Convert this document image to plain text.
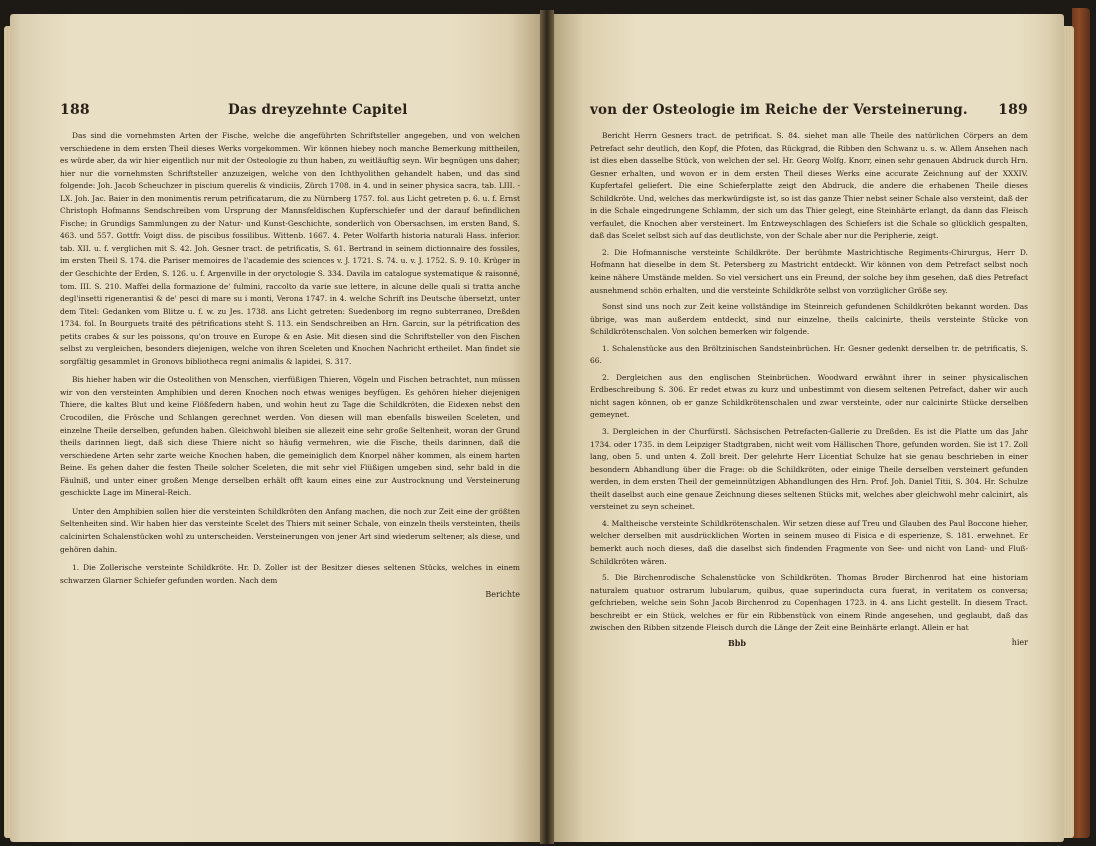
188	Das dreyzehnte Capitel

Das sind die vornehmsten Arten der Fische, welche die angeführten Schriftsteller angegeben, und von welchen verschiedene in dem ersten Theil dieses Werks vorgekommen. Wir können hiebey noch manche Bemerkung mittheilen, es würde aber, da wir hier eigentlich nur mit der Osteologie zu thun haben, zu weitläuftig seyn. Wir begnügen uns daher; hier nur die vornehmsten Schriftsteller anzuzeigen, welche von den Ichthyolithen gehandelt haben, und das sind folgende: Joh. Jacob Scheuchzer in piscium querelis & vindiciis, Zürch 1708. in 4. und in seiner physica sacra, tab. LIII. - LX. Joh. Jac. Baier in den monimentis rerum petrificatarum, die zu Nürnberg 1757. fol. aus Licht getreten p. 6. u. f. Ernst Christoph Hofmanns Sendschreiben vom Ursprung der Mannsfeldischen Kupferschiefer und der darauf befindlichen Fische; in Grundigs Sammlungen zu der Natur- und Kunst-Geschichte, sonderlich von Obersachsen, im ersten Band, S. 463. und 557. Gottfr. Voigt diss. de piscibus fossilibus. Wittenb. 1667. 4. Peter Wolfarth historia naturali Hass. inferior. tab. XII. u. f. verglichen mit S. 42. Joh. Gesner tract. de petrificatis, S. 61. Bertrand in seinem dictionnaire des fossiles, im ersten Theil S. 174. die Pariser memoires de l'academie des sciences v. J. 1721. S. 74. u. v. J. 1752. S. 9. 10. Krüger in der Geschichte der Erden, S. 126. u. f. Argenville in der oryctologie S. 334. Davila im catalogue systematique & raisonné, tom. III. S. 210. Maffei della formazione de' fulmini, raccolto da varie sue lettere, in alcune delle quali si tratta anche degl'insetti rigenerantisi & de' pesci di mare su i monti, Verona 1747. in 4. welche Schrift ins Deutsche übersetzt, unter dem Titel: Gedanken vom Blitze u. f. w. zu Jes. 1738. ans Licht getreten: Suedenborg im regno subterraneo, Dreßden 1734. fol. In Bourguets traité des pétrifications steht S. 113. ein Sendschreiben an Hrn. Garcin, sur la pétrification des petits crabes & sur les poissons, qu'on trouve en Europe & en Asie. Mit diesen sind die Schriftsteller von den Fischen selbst zu vergleichen, besonders diejenigen, welche von ihren Sceleten und Knochen Nachricht ertheilet. Man findet sie sorgfältig gesammlet in Gronovs bibliotheca regni animalis & lapidei, S. 317.

Bis hieher haben wir die Osteolithen von Menschen, vierfüßigen Thieren, Vögeln und Fischen betrachtet, nun müssen wir von den versteinten Amphibien und deren Knochen noch etwas weniges beyfügen. Es gehören hieher diejenigen Thiere, die kaltes Blut und keine Flößfedern haben, und wohin heut zu Tage die Schildkröten, die Eidexen nebst den Crocodilen, die Frösche und Schlangen gerechnet werden. Von diesen will man ebenfalls bisweilen Sceleten, und einzelne Theile derselben, gefunden haben. Gleichwohl bleiben sie allezeit eine sehr große Seltenheit, woran der Grund theils darinnen liegt, daß sich diese Thiere nicht so häufig vermehren, wie die Fische, theils darinnen, daß die verschiedene Arten sehr zarte weiche Knochen haben, die gemeiniglich dem Knorpel näher kommen, als einem harten Beine. Es gehen daher die festen Theile solcher Sceleten, die mit sehr viel Flüßigen umgeben sind, sehr bald in die Fäulniß, und unter einer großen Menge derselben erhält offt kaum eines eine zur Austrocknung und Versteinerung geschickte Lage im Mineral-Reich.

Unter den Amphibien sollen hier die versteinten Schildkröten den Anfang machen, die noch zur Zeit eine der größten Seltenheiten sind. Wir haben hier das versteinte Scelet des Thiers mit seiner Schale, von einzeln theils versteinten, theils calcinirten Schalenstücken wohl zu unterscheiden. Versteinerungen von jener Art sind wiederum seltener, als diese, und gehören dahin.

1. Die Zollerische versteinte Schildkröte. Hr. D. Zoller ist der Besitzer dieses seltenen Stücks, welches in einem schwarzen Glarner Schiefer gefunden worden. Nach dem

Berichte
von der Osteologie im Reiche der Versteinerung. 189

Bericht Herrn Gesners tract. de petrificat. S. 84. siehet man alle Theile des natürlichen Cörpers an dem Petrefact sehr deutlich, den Kopf, die Pfoten, das Rückgrad, die Ribben den Schwanz u. s. w. Allem Ansehen nach ist dies eben dasselbe Stück, von welchen der sel. Hr. Georg Wolfg. Knorr, einen sehr genauen Abdruck durch Hrn. Gesner erhalten, und wovon er in dem ersten Theil dieses Werks eine accurate Zeichnung auf der XXXIV. Kupfertafel geliefert. Die eine Schieferplatte zeigt den Abdruck, die andere die erhabenen Theile dieses Schildkröte. Und, welches das merkwürdigste ist, so ist das ganze Thier nebst seiner Schale also versteint, daß der in die Schale eingedrungene Schlamm, der sich um das Thier gelegt, eine Steinhärte erlangt, da dann das Fleisch verfaulet, die Knochen aber versteinert. Im Entzweyschlagen des Schiefers ist die Schale so glücklich gespalten, daß das Scelet selbst sich auf das deutlichste, von der Schale aber nur die Peripherie, zeigt.

2. Die Hofmannische versteinte Schildkröte. Der berühmte Mastrichtische Regiments-Chirurgus, Herr D. Hofmann hat dieselbe in dem St. Petersberg zu Mastricht entdeckt. Wir können von dem Petrefact selbst noch keine nähere Umstände melden. So viel versichert uns ein Freund, der solche bey ihm gesehen, daß dies Petrefact ausnehmend schön erhalten, und die versteinte Schildkröte selbst von vorzüglicher Größe sey.

Sonst sind uns noch zur Zeit keine vollständige im Steinreich gefundenen Schildkröten bekannt worden. Das übrige, was man außerdem entdeckt, sind nur einzelne, theils calcinirte, theils versteinte Stücke von Schildkrötenschalen. Von solchen bemerken wir folgende.

1. Schalenstücke aus den Bröltzinischen Sandsteinbrüchen. Hr. Gesner gedenkt derselben tr. de petrificatis, S. 66.

2. Dergleichen aus den englischen Steinbrüchen. Woodward erwähnt ihrer in seiner physicalischen Erdbeschreibung S. 306. Er redet etwas zu kurz und unbestimmt von diesem seltenen Petrefact, daher wir auch nicht sagen können, ob er ganze Schildkrötenschalen und zwar versteinte, oder nur calcinirte Stücke derselben gemeynet.

3. Dergleichen in der Churfürstl. Sächsischen Petrefacten-Gallerie zu Dreßden. Es ist die Platte um das Jahr 1734. oder 1735. in dem Leipziger Stadtgraben, nicht weit vom Hällischen Thore, gefunden worden. Sie ist 17. Zoll lang, oben 5. und unten 4. Zoll breit. Der gelehrte Herr Licentiat Schulze hat sie genau beschrieben in einer besondern Abhandlung über die Frage: ob die Schildkröten, oder einige Theile derselben versteinert gefunden werden, in dem ersten Theil der gemeinnützigen Abhandlungen des Hrn. Prof. Joh. Daniel Titii, S. 304. Hr. Schulze theilt daselbst auch eine genaue Zeichnung dieses seltenen Stücks mit, welches aber gleichwohl mehr calcinirt, als versteinet zu seyn scheinet.

4. Maltheische versteinte Schildkrötenschalen. Wir setzen diese auf Treu und Glauben des Paul Boccone hieher, welcher derselben mit ausdrücklichen Worten in seinem museo di Fisica e di esperienze, S. 181. erwehnet. Er bemerkt auch noch dieses, daß die daselbst sich findenden Fragmente von See- und nicht von Land- und Fluß-Schildkröten wären.

5. Die Birchenrodische Schalenstücke von Schildkröten. Thomas Broder Birchenrod hat eine historiam naturalem quatuor ostrarum lubularum, quibus, quae superinducta cura fuerat, in veritatem os conversa; gefchrieben, welche sein Sohn Jacob Birchenrod zu Copenhagen 1723. in 4. ans Licht gestellt. In diesem Tract. beschreibt er ein Stück, welches er für ein Ribbenstück von einem Rinde angesehen, und geglaubt, daß das zwischen den Ribben sitzende Fleisch durch die Länge der Zeit eine Beinhärte erlangt. Allein er hat

Bbb	hier
